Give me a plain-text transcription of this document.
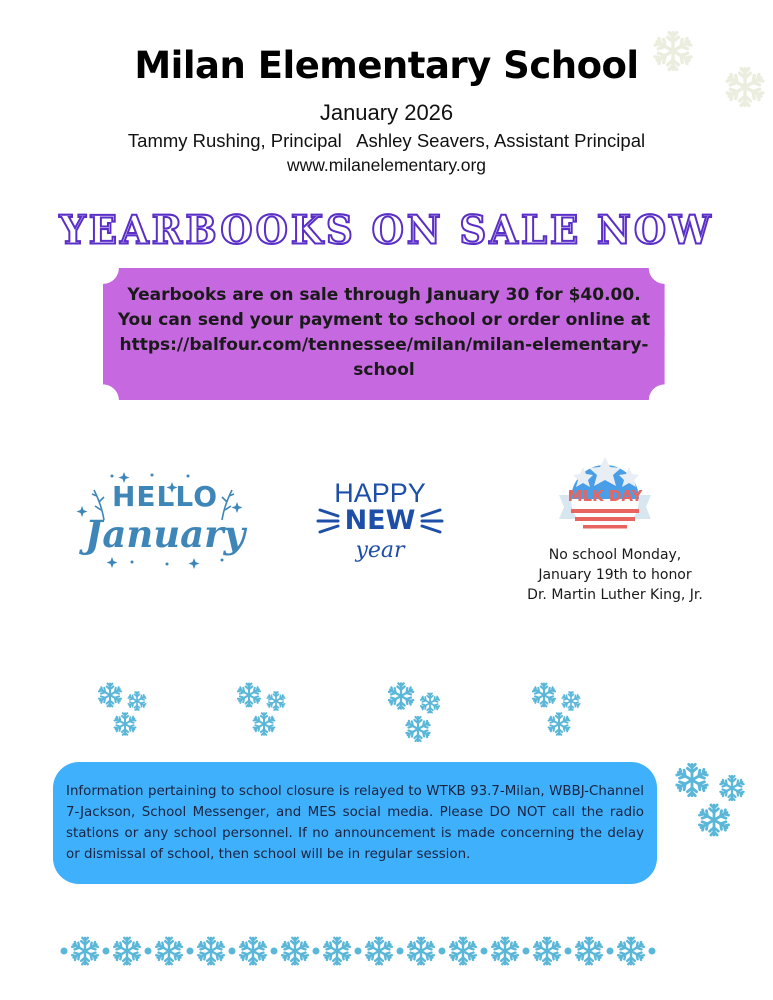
Milan Elementary School
January 2026
Tammy Rushing, Principal   Ashley Seavers, Assistant Principal
www.milanelementary.org
YEARBOOKS ON SALE NOW
Yearbooks are on sale through January 30 for $40.00.
You can send your payment to school or order online at
https://balfour.com/tennessee/milan/milan-elementary-
school
HELLO
January
HAPPY
NEW
year
MLK DAY
No school Monday,
January 19th to honor
Dr. Martin Luther King, Jr.
Information pertaining to school closure is relayed to WTKB 93.7-Milan, WBBJ-Channel 7-Jackson, School Messenger, and MES social media. Please DO NOT call the radio stations or any school personnel. If no announcement is made concerning the delay or dismissal of school, then school will be in regular session.
